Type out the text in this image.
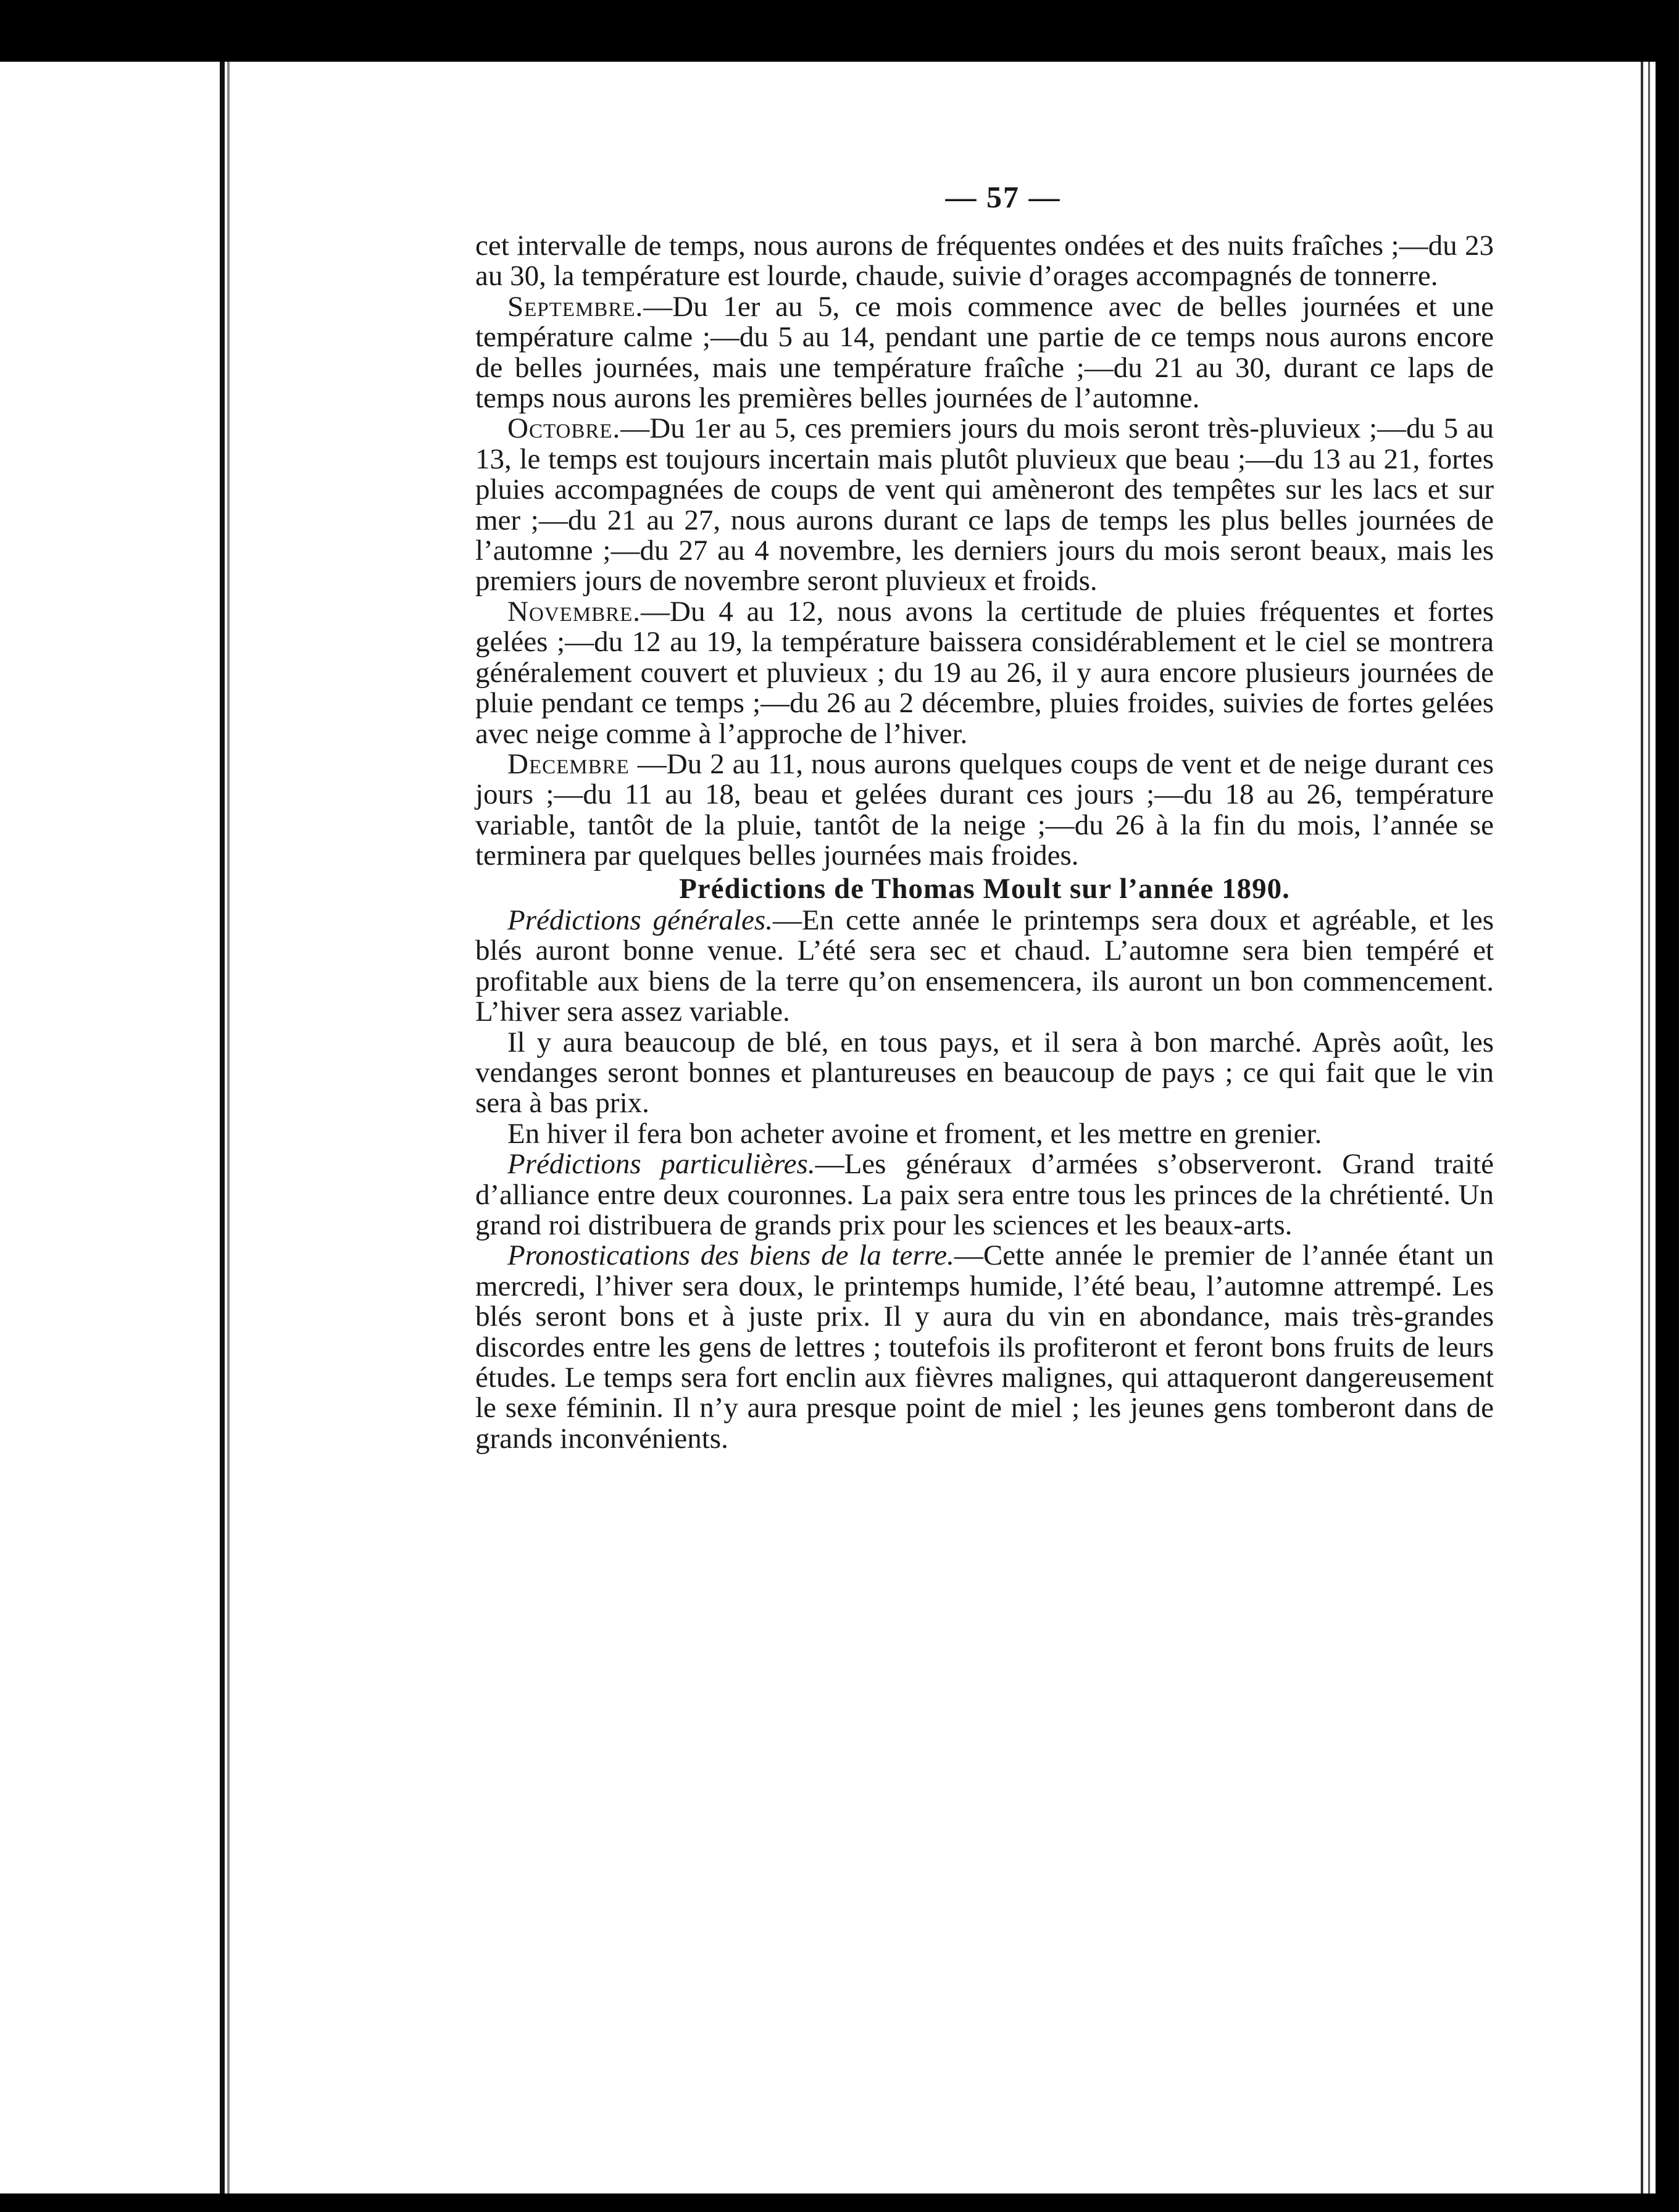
— 57 —

cet intervalle de temps, nous aurons de fréquentes ondées et des nuits fraîches ;—du 23 au 30, la température est lourde, chaude, suivie d’orages accompagnés de tonnerre.

Septembre.—Du 1er au 5, ce mois commence avec de belles journées et une température calme ;—du 5 au 14, pendant une partie de ce temps nous aurons encore de belles journées, mais une température fraîche ;—du 21 au 30, durant ce laps de temps nous aurons les premières belles journées de l’automne.

Octobre.—Du 1er au 5, ces premiers jours du mois seront très-pluvieux ;—du 5 au 13, le temps est toujours incertain mais plutôt pluvieux que beau ;—du 13 au 21, fortes pluies accompagnées de coups de vent qui amèneront des tempêtes sur les lacs et sur mer ;—du 21 au 27, nous aurons durant ce laps de temps les plus belles journées de l’automne ;—du 27 au 4 novembre, les derniers jours du mois seront beaux, mais les premiers jours de novembre seront pluvieux et froids.

Novembre.—Du 4 au 12, nous avons la certitude de pluies fréquentes et fortes gelées ;—du 12 au 19, la température baissera considérablement et le ciel se montrera généralement couvert et pluvieux ; du 19 au 26, il y aura encore plusieurs journées de pluie pendant ce temps ;—du 26 au 2 décembre, pluies froides, suivies de fortes gelées avec neige comme à l’approche de l’hiver.

Decembre —Du 2 au 11, nous aurons quelques coups de vent et de neige durant ces jours ;—du 11 au 18, beau et gelées durant ces jours ;—du 18 au 26, température variable, tantôt de la pluie, tantôt de la neige ;—du 26 à la fin du mois, l’année se terminera par quelques belles journées mais froides.

Prédictions de Thomas Moult sur l’année 1890.

Prédictions générales.—En cette année le printemps sera doux et agréable, et les blés auront bonne venue. L’été sera sec et chaud. L’automne sera bien tempéré et profitable aux biens de la terre qu’on ensemencera, ils auront un bon commencement. L’hiver sera assez variable.

Il y aura beaucoup de blé, en tous pays, et il sera à bon marché. Après août, les vendanges seront bonnes et plantureuses en beaucoup de pays ; ce qui fait que le vin sera à bas prix.

En hiver il fera bon acheter avoine et froment, et les mettre en grenier.

Prédictions particulières.—Les généraux d’armées s’observeront. Grand traité d’alliance entre deux couronnes. La paix sera entre tous les princes de la chrétienté. Un grand roi distribuera de grands prix pour les sciences et les beaux-arts.

Pronostications des biens de la terre.—Cette année le premier de l’année étant un mercredi, l’hiver sera doux, le printemps humide, l’été beau, l’automne attrempé. Les blés seront bons et à juste prix. Il y aura du vin en abondance, mais très-grandes discordes entre les gens de lettres ; toutefois ils profiteront et feront bons fruits de leurs études. Le temps sera fort enclin aux fièvres malignes, qui attaqueront dangereusement le sexe féminin. Il n’y aura presque point de miel ; les jeunes gens tomberont dans de grands inconvénients.
